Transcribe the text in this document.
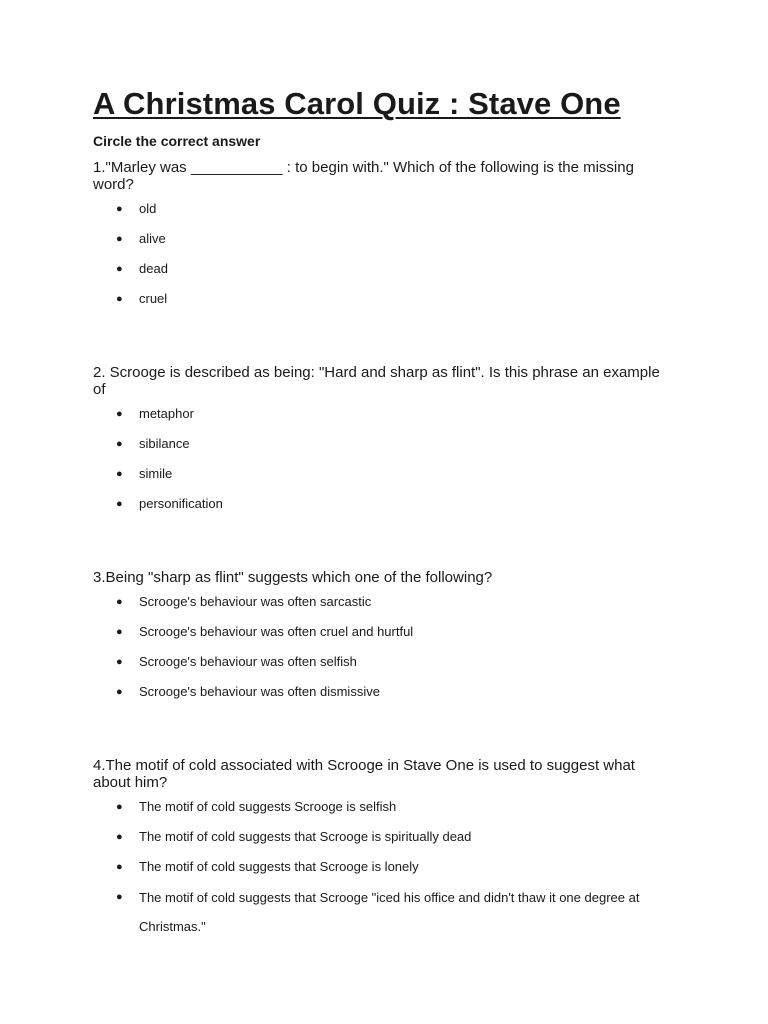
A Christmas Carol Quiz : Stave One
Circle the correct answer

1."Marley was ___________ : to begin with." Which of the following is the missing word?

● old
● alive
● dead
● cruel

2. Scrooge is described as being: "Hard and sharp as flint". Is this phrase an example of

● metaphor
● sibilance
● simile
● personification

3.Being "sharp as flint" suggests which one of the following?

● Scrooge's behaviour was often sarcastic
● Scrooge's behaviour was often cruel and hurtful
● Scrooge's behaviour was often selfish
● Scrooge's behaviour was often dismissive

4.The motif of cold associated with Scrooge in Stave One is used to suggest what about him?

● The motif of cold suggests Scrooge is selfish
● The motif of cold suggests that Scrooge is spiritually dead
● The motif of cold suggests that Scrooge is lonely
● The motif of cold suggests that Scrooge "iced his office and didn't thaw it one degree at Christmas."
